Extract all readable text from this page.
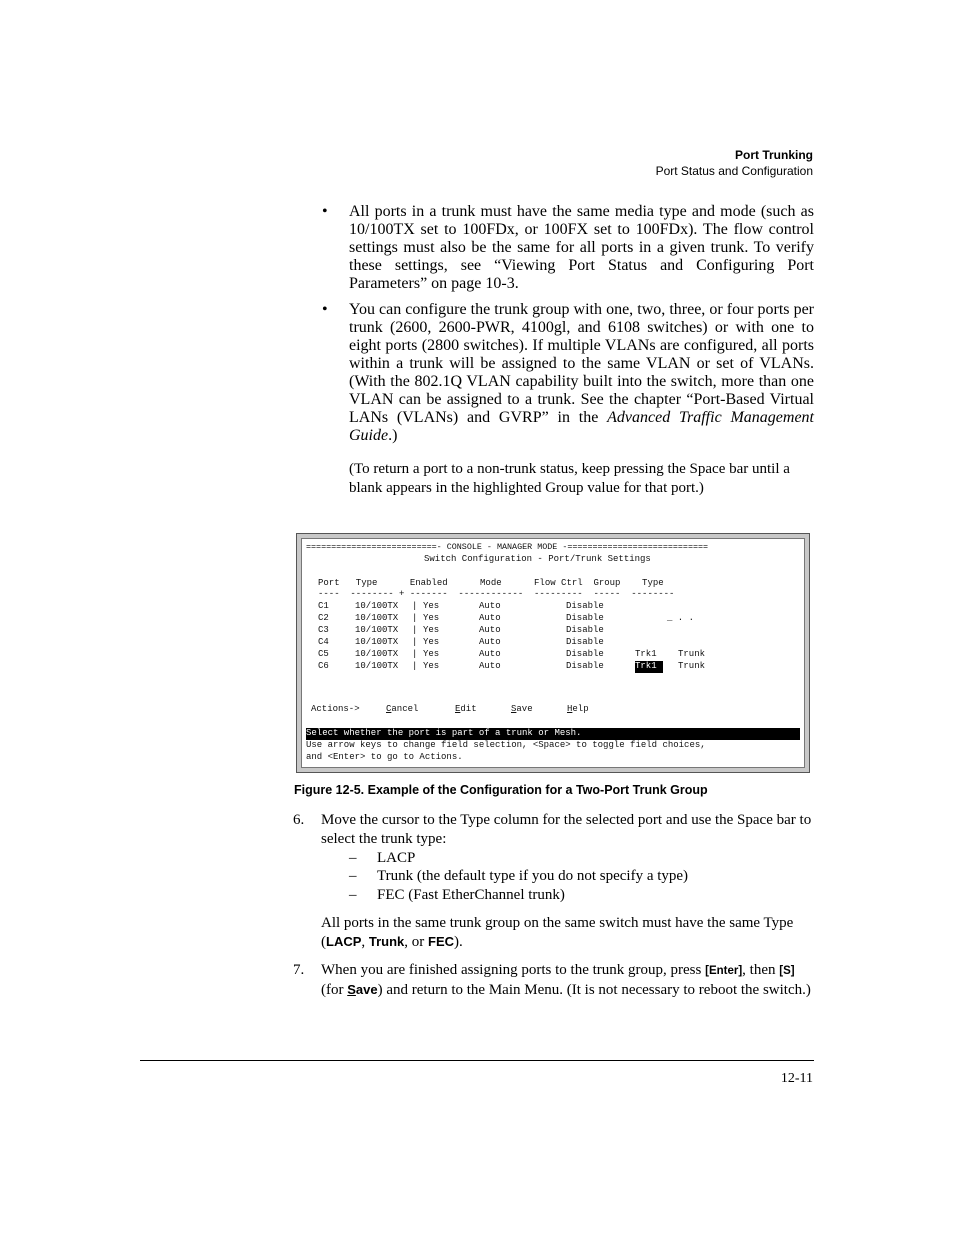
Port Trunking
Port Status and Configuration
• All ports in a trunk must have the same media type and mode (such as 10/100TX set to 100FDx, or 100FX set to 100FDx). The flow control settings must also be the same for all ports in a given trunk. To verify these settings, see “Viewing Port Status and Configuring Port Parameters” on page 10-3.
• You can configure the trunk group with one, two, three, or four ports per trunk (2600, 2600-PWR, 4100gl, and 6108 switches) or with one to eight ports (2800 switches). If multiple VLANs are configured, all ports within a trunk will be assigned to the same VLAN or set of VLANs. (With the 802.1Q VLAN capability built into the switch, more than one VLAN can be assigned to a trunk. See the chapter “Port-Based Virtual LANs (VLANs) and GVRP” in the Advanced Traffic Management Guide.)
(To return a port to a non-trunk status, keep pressing the Space bar until a blank appears in the highlighted Group value for that port.)
==========================- CONSOLE - MANAGER MODE -============================
Switch Configuration - Port/Trunk Settings
Port   Type      Enabled      Mode      Flow Ctrl  Group    Type
----  -------- + -------  ------------  ---------  -----  --------
C1	10/100TX | Yes	Auto	Disable
C2	10/100TX | Yes	Auto	Disable
C3	10/100TX | Yes	Auto	Disable
C4	10/100TX | Yes	Auto	Disable
C5	10/100TX | Yes	Auto	Disable	Trk1 Trunk
C6	10/100TX | Yes	Auto	Disable	Trk1	Trunk
_ . .
Actions->	Cancel	Edit	Save	Help
Select whether the port is part of a trunk or Mesh.
Use arrow keys to change field selection, <Space> to toggle field choices,
and <Enter> to go to Actions.
Figure 12-5. Example of the Configuration for a Two-Port Trunk Group
6. Move the cursor to the Type column for the selected port and use the Space bar to select the trunk type:
– LACP
– Trunk (the default type if you do not specify a type)
– FEC (Fast EtherChannel trunk)
All ports in the same trunk group on the same switch must have the same Type (LACP, Trunk, or FEC).
7. When you are finished assigning ports to the trunk group, press [Enter], then [S] (for Save) and return to the Main Menu. (It is not necessary to reboot the switch.)
12-11
